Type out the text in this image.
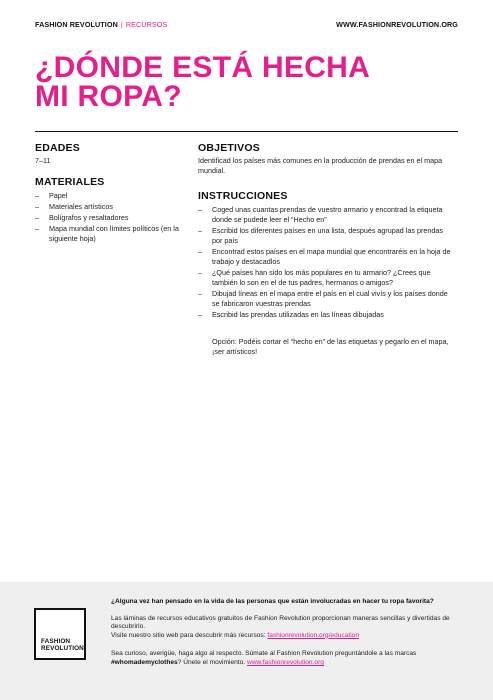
FASHION REVOLUTION | RECURSOS	WWW.FASHIONREVOLUTION.ORG
¿DÓNDE ESTÁ HECHA
MI ROPA?
EDADES
7–11
MATERIALES
– Papel
– Materiales artísticos
– Bolígrafos y resaltadores
– Mapa mundial con límites políticos (en la siguiente hoja)
OBJETIVOS
Identificad los países más comunes en la producción de prendas en el mapa mundial.
INSTRUCCIONES
– Coged unas cuantas prendas de vuestro armario y encontrad la etiqueta donde se pudede leer el “Hecho en”
– Escribid los diferentes países en una lista, después agrupad las prendas por país
– Encontrad estos países en el mapa mundial que encontraréis en la hoja de trabajo y destacadlos
– ¿Qué países han sido los más populares en tu armario? ¿Crees que también lo son en el de tus padres, hermanos o amigos?
– Dibujad líneas en el mapa entre el país en el cual vivís y los países donde se fabricaron vuestras prendas
– Escribid las prendas utilizadas en las líneas dibujadas
Opción: Podéis cortar el “hecho en” de las etiquetas y pegarlo en el mapa, ¡ser artísticos!
FASHION
REVOLUTION

¿Alguna vez han pensado en la vida de las personas que están involucradas en hacer tu ropa favorita?

Las láminas de recursos educativos gratuitos de Fashion Revolution proporcionan maneras sencillas y divertidas de descubrirlo.

Visite nuestro sitio web para descubrir más recursos: fashionrevolution.org/education

Sea curioso, averigüe, haga algo al respecto. Súmate al Fashion Revolution preguntándole a las marcas #whomademyclothes? Únete el movimiento. www.fashionrevolution.org
